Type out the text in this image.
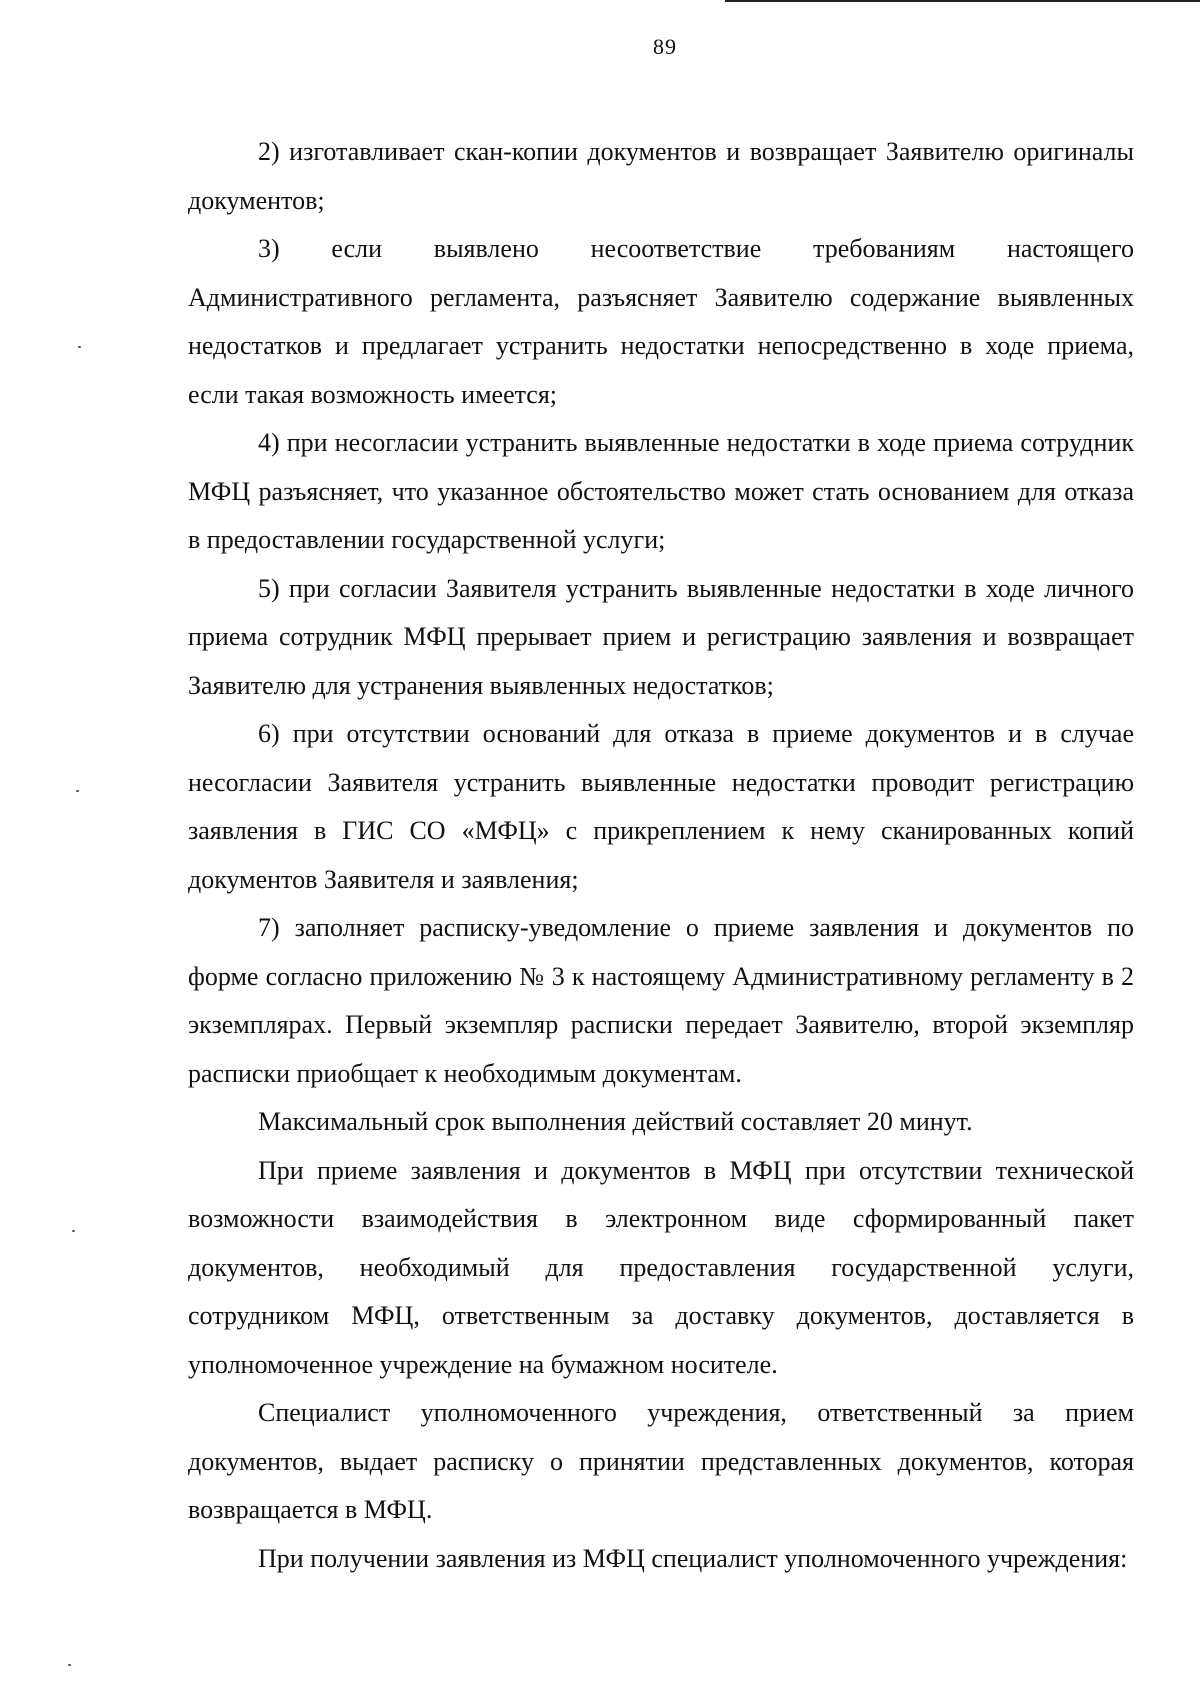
89

2) изготавливает скан-копии документов и возвращает Заявителю оригиналы документов;

3) если выявлено несоответствие требованиям настоящего Административного регламента, разъясняет Заявителю содержание выявленных недостатков и предлагает устранить недостатки непосредственно в ходе приема, если такая возможность имеется;

4) при несогласии устранить выявленные недостатки в ходе приема сотрудник МФЦ разъясняет, что указанное обстоятельство может стать основанием для отказа в предоставлении государственной услуги;

5) при согласии Заявителя устранить выявленные недостатки в ходе личного приема сотрудник МФЦ прерывает прием и регистрацию заявления и возвращает Заявителю для устранения выявленных недостатков;

6) при отсутствии оснований для отказа в приеме документов и в случае несогласии Заявителя устранить выявленные недостатки проводит регистрацию заявления в ГИС СО «МФЦ» с прикреплением к нему сканированных копий документов Заявителя и заявления;

7) заполняет расписку-уведомление о приеме заявления и документов по форме согласно приложению № 3 к настоящему Административному регламенту в 2 экземплярах. Первый экземпляр расписки передает Заявителю, второй экземпляр расписки приобщает к необходимым документам.

Максимальный срок выполнения действий составляет 20 минут.

При приеме заявления и документов в МФЦ при отсутствии технической возможности взаимодействия в электронном виде сформированный пакет документов, необходимый для предоставления государственной услуги, сотрудником МФЦ, ответственным за доставку документов, доставляется в уполномоченное учреждение на бумажном носителе.

Специалист уполномоченного учреждения, ответственный за прием документов, выдает расписку о принятии представленных документов, которая возвращается в МФЦ.

При получении заявления из МФЦ специалист уполномоченного учреждения:
